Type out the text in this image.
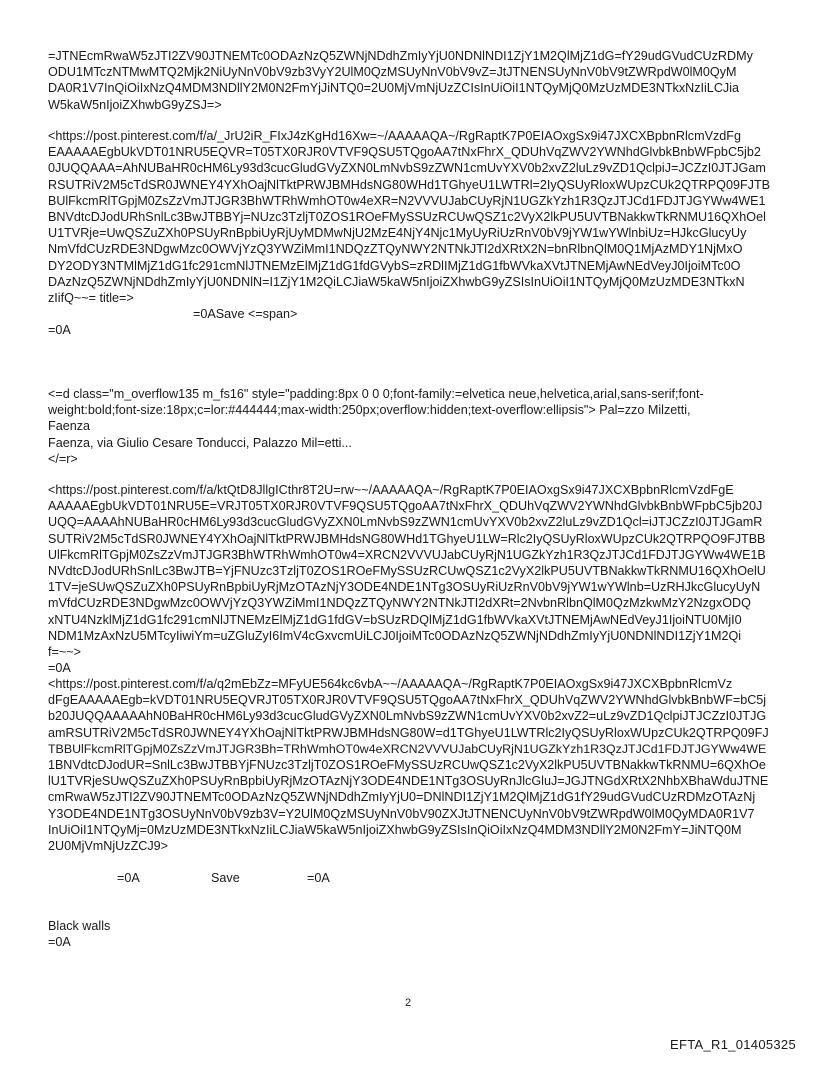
=JTNEcmRwaW5zJTI2ZV90JTNEMTc0ODAzNzQ5ZWNjNDdhZmIyYjU0NDNlNDI1ZjY1M2QlMjZ1dG=fY29udGVudCUzRDMy
ODU1MTczNTMwMTQ2Mjk2NiUyNnV0bV9zb3VyY2UlM0QzMSUyNnV0bV9vZ=JtJTNENSUyNnV0bV9tZWRpdW0lM0QyM
DA0R1V7InQiOiIxNzQ4MDM3NDllY2M0N2FmYjJiNTQ0=2U0MjVmNjUzZCIsInUiOiI1NTQyMjQ0MzUzMDE3NTkxNzIiLCJia
W5kaW5nIjoiZXhwbG9yZSJ=>
<https://post.pinterest.com/f/a/_JrU2iR_FIxJ4zKgHd16Xw=~/AAAAAQA~/RgRaptK7P0EIAOxgSx9i47JXCXBpbnRlcmVzdFg
EAAAAAEgbUkVDT01NRU5EQVR=T05TX0RJR0VTVF9QSU5TQgoAA7tNxFhrX_QDUhVqZWV2YWNhdGlvbkBnbWFpbC5jb2
0JUQQAAA=AhNUBaHR0cHM6Ly93d3cucGludGVyZXN0LmNvbS9zZWN1cmUvYXV0b2xvZ2luLz9vZD1QclpiJ=JCZzI0JTJGam
RSUTRiV2M5cTdSR0JWNEY4YXhOajNlTktPRWJBMHdsNG80WHd1TGhyeU1LWTRl=2IyQSUyRloxWUpzCUk2QTRPQ09FJTB
BUlFkcmRlTGpjM0ZsZzVmJTJGR3BhWTRhWmhOT0w4eXR=N2VVVUJabCUyRjN1UGZkYzh1R3QzJTJCd1FDJTJGYWw4WE1
BNVdtcDJodURhSnlLc3BwJTBBYj=NUzc3TzljT0ZOS1ROeFMySSUzRCUwQSZ1c2VyX2lkPU5UVTBNakkwTkRNMU16QXhOel
U1TVRje=UwQSZuZXh0PSUyRnBpbiUyRjUyMDMwNjU2MzE4NjY4Njc1MyUyRiUzRnV0bV9jYW1wYWlnbiUz=HJkcGlucyUy
NmVfdCUzRDE3NDgwMzc0OWVjYzQ3YWZiMmI1NDQzZTQyNWY2NTNkJTI2dXRtX2N=bnRlbnQlM0Q1MjAzMDY1NjMxO
DY2ODY3NTMlMjZ1dG1fc291cmNlJTNEMzElMjZ1dG1fdGVybS=zRDlIMjZ1dG1fbWVkaXVtJTNEMjAwNEdVeyJ0IjoiMTc0O
DAzNzQ5ZWNjNDdhZmIyYjU0NDNlN=I1ZjY1M2QiLCJiaW5kaW5nIjoiZXhwbG9yZSIsInUiOiI1NTQyMjQ0MzUzMDE3NTkxN
zIifQ~~= title=>
=0ASave <=span>
=0A
<=d class="m_overflow135 m_fs16" style="padding:8px 0 0 0;font-family:=elvetica neue,helvetica,arial,sans-serif;font-
weight:bold;font-size:18px;c=lor:#444444;max-width:250px;overflow:hidden;text-overflow:ellipsis"> Pal=zzo Milzetti,
Faenza
Faenza, via Giulio Cesare Tonducci, Palazzo Mil=etti...
</=r>
<https://post.pinterest.com/f/a/ktQtD8JllgICthr8T2U=rw~~/AAAAAQA~/RgRaptK7P0EIAOxgSx9i47JXCXBpbnRlcmVzdFgE
AAAAAEgbUkVDT01NRU5E=VRJT05TX0RJR0VTVF9QSU5TQgoAA7tNxFhrX_QDUhVqZWV2YWNhdGlvbkBnbWFpbC5jb20J
UQQ=AAAAhNUBaHR0cHM6Ly93d3cucGludGVyZXN0LmNvbS9zZWN1cmUvYXV0b2xvZ2luLz9vZD1Qcl=iJTJCZzI0JTJGamR
SUTRiV2M5cTdSR0JWNEY4YXhOajNlTktPRWJBMHdsNG80WHd1TGhyeU1LW=Rlc2IyQSUyRloxWUpzCUk2QTRPQO9FJTBB
UlFkcmRlTGpjM0ZsZzVmJTJGR3BhWTRhWmhOT0w4=XRCN2VVVUJabCUyRjN1UGZkYzh1R3QzJTJCd1FDJTJGYWw4WE1B
NVdtcDJodURhSnlLc3BwJTB=YjFNUzc3TzljT0ZOS1ROeFMySSUzRCUwQSZ1c2VyX2lkPU5UVTBNakkwTkRNMU16QXhOelU
1TV=jeSUwQSZuZXh0PSUyRnBpbiUyRjMzOTAzNjY3ODE4NDE1NTg3OSUyRiUzRnV0bV9jYW1wYWlnb=UzRHJkcGlucyUyN
mVfdCUzRDE3NDgwMzc0OWVjYzQ3YWZiMmI1NDQzZTQyNWY2NTNkJTI2dXRt=2NvbnRlbnQlM0QzMzkwMzY2NzgxODQ
xNTU4NzklMjZ1dG1fc291cmNlJTNEMzElMjZ1dG1fdGV=bSUzRDQlMjZ1dG1fbWVkaXVtJTNEMjAwNEdVeyJ1IjoiNTU0MjI0
NDM1MzAxNzU5MTcyIiwiYm=uZGluZyI6ImV4cGxvcmUiLCJ0IjoiMTc0ODAzNzQ5ZWNjNDdhZmIyYjU0NDNlNDI1ZjY1M2Qi
f=~~>
=0A
<https://post.pinterest.com/f/a/q2mEbZz=MFyUE564kc6vbA~~/AAAAAQA~/RgRaptK7P0EIAOxgSx9i47JXCXBpbnRlcmVz
dFgEAAAAAEgb=kVDT01NRU5EQVRJT05TX0RJR0VTVF9QSU5TQgoAA7tNxFhrX_QDUhVqZWV2YWNhdGlvbkBnbWF=bC5j
b20JUQQAAAAAhN0BaHR0cHM6Ly93d3cucGludGVyZXN0LmNvbS9zZWN1cmUvYXV0b2xvZ2=uLz9vZD1QclpiJTJCZzI0JTJG
amRSUTRiV2M5cTdSR0JWNEY4YXhOajNlTktPRWJBMHdsNG80W=d1TGhyeU1LWTRlc2IyQSUyRloxWUpzCUk2QTRPQ09FJ
TBBUlFkcmRlTGpjM0ZsZzVmJTJGR3Bh=TRhWmhOT0w4eXRCN2VVVUJabCUyRjN1UGZkYzh1R3QzJTJCd1FDJTJGYWw4WE
1BNVdtcDJodUR=SnlLc3BwJTBBYjFNUzc3TzljT0ZOS1ROeFMySSUzRCUwQSZ1c2VyX2lkPU5UVTBNakkwTkRNMU=6QXhOe
lU1TVRjeSUwQSZuZXh0PSUyRnBpbiUyRjMzOTAzNjY3ODE4NDE1NTg3OSUyRnJlcGluJ=JGJTNGdXRtX2NhbXBhaWduJTNE
cmRwaW5zJTI2ZV90JTNEMTc0ODAzNzQ5ZWNjNDdhZmIyYjU0=DNlNDI1ZjY1M2QlMjZ1dG1fY29udGVudCUzRDMzOTAzNj
Y3ODE4NDE1NTg3OSUyNnV0bV9zb3V=Y2UlM0QzMSUyNnV0bV90ZXJtJTNENCUyNnV0bV9tZWRpdW0lM0QyMDA0R1V7
InUiOiI1NTQyMj=0MzUzMDE3NTkxNzIiLCJiaW5kaW5nIjoiZXhwbG9yZSIsInQiOiIxNzQ4MDM3NDllY2M0N2FmY=JiNTQ0M
2U0MjVmNjUzZCJ9>

=0A	Save	=0A

Black walls
=0A
2
EFTA_R1_01405325
